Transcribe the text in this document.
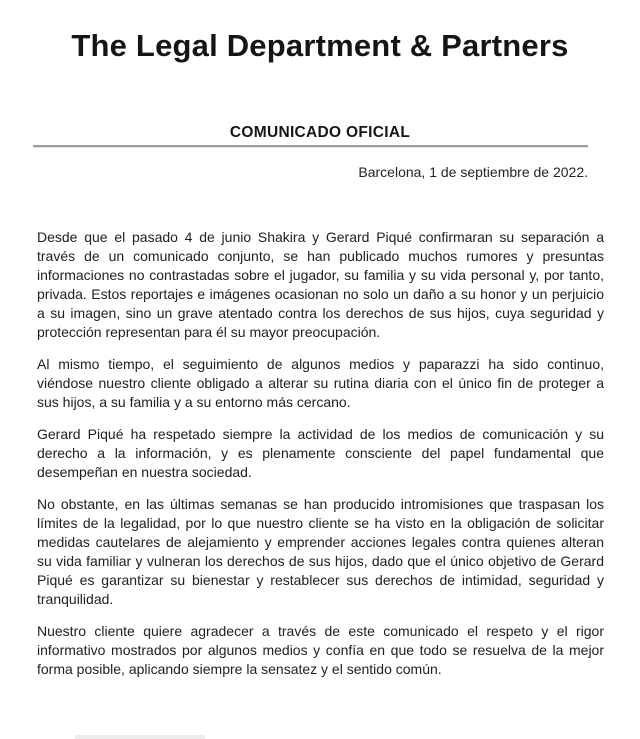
The Legal Department & Partners
COMUNICADO OFICIAL

Barcelona, 1 de septiembre de 2022.

Desde que el pasado 4 de junio Shakira y Gerard Piqué confirmaran su separación a través de un comunicado conjunto, se han publicado muchos rumores y presuntas informaciones no contrastadas sobre el jugador, su familia y su vida personal y, por tanto, privada. Estos reportajes e imágenes ocasionan no solo un daño a su honor y un perjuicio a su imagen, sino un grave atentado contra los derechos de sus hijos, cuya seguridad y protección representan para él su mayor preocupación.

Al mismo tiempo, el seguimiento de algunos medios y paparazzi ha sido continuo, viéndose nuestro cliente obligado a alterar su rutina diaria con el único fin de proteger a sus hijos, a su familia y a su entorno más cercano.

Gerard Piqué ha respetado siempre la actividad de los medios de comunicación y su derecho a la información, y es plenamente consciente del papel fundamental que desempeñan en nuestra sociedad.

No obstante, en las últimas semanas se han producido intromisiones que traspasan los límites de la legalidad, por lo que nuestro cliente se ha visto en la obligación de solicitar medidas cautelares de alejamiento y emprender acciones legales contra quienes alteran su vida familiar y vulneran los derechos de sus hijos, dado que el único objetivo de Gerard Piqué es garantizar su bienestar y restablecer sus derechos de intimidad, seguridad y tranquilidad.

Nuestro cliente quiere agradecer a través de este comunicado el respeto y el rigor informativo mostrados por algunos medios y confía en que todo se resuelva de la mejor forma posible, aplicando siempre la sensatez y el sentido común.
